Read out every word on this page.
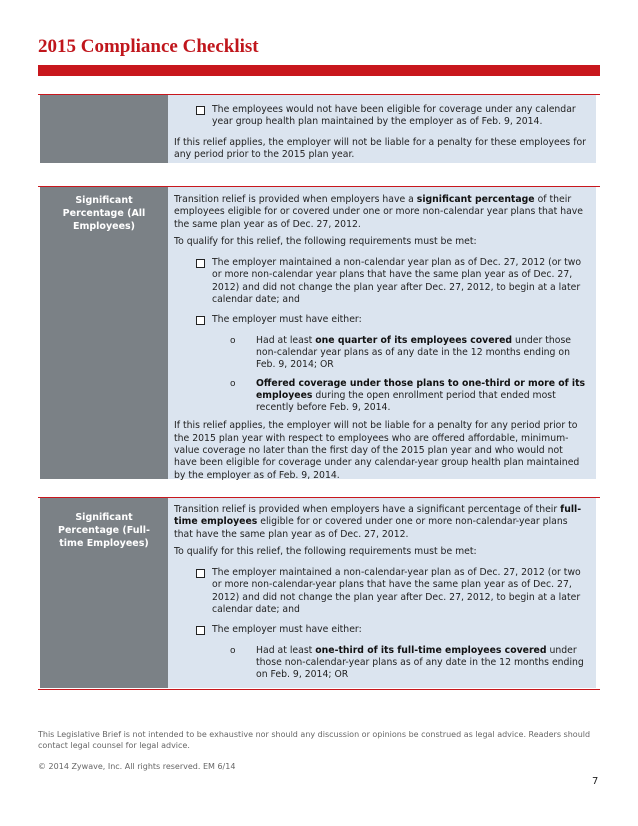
2015 Compliance Checklist
The employees would not have been eligible for coverage under any calendar year group health plan maintained by the employer as of Feb. 9, 2014.

If this relief applies, the employer will not be liable for a penalty for these employees for any period prior to the 2015 plan year.

Significant Percentage (All Employees)

Transition relief is provided when employers have a significant percentage of their employees eligible for or covered under one or more non-calendar year plans that have the same plan year as of Dec. 27, 2012.

To qualify for this relief, the following requirements must be met:

The employer maintained a non-calendar year plan as of Dec. 27, 2012 (or two or more non-calendar year plans that have the same plan year as of Dec. 27, 2012) and did not change the plan year after Dec. 27, 2012, to begin at a later calendar date; and
The employer must have either:
o Had at least one quarter of its employees covered under those non-calendar year plans as of any date in the 12 months ending on Feb. 9, 2014; OR
o Offered coverage under those plans to one-third or more of its employees during the open enrollment period that ended most recently before Feb. 9, 2014.

If this relief applies, the employer will not be liable for a penalty for any period prior to the 2015 plan year with respect to employees who are offered affordable, minimum-value coverage no later than the first day of the 2015 plan year and who would not have been eligible for coverage under any calendar-year group health plan maintained by the employer as of Feb. 9, 2014.

Significant Percentage (Full-time Employees)

Transition relief is provided when employers have a significant percentage of their full-time employees eligible for or covered under one or more non-calendar-year plans that have the same plan year as of Dec. 27, 2012.

To qualify for this relief, the following requirements must be met:

The employer maintained a non-calendar-year plan as of Dec. 27, 2012 (or two or more non-calendar-year plans that have the same plan year as of Dec. 27, 2012) and did not change the plan year after Dec. 27, 2012, to begin at a later calendar date; and
The employer must have either:
o Had at least one-third of its full-time employees covered under those non-calendar-year plans as of any date in the 12 months ending on Feb. 9, 2014; OR
This Legislative Brief is not intended to be exhaustive nor should any discussion or opinions be construed as legal advice. Readers should contact legal counsel for legal advice.
© 2014 Zywave, Inc. All rights reserved. EM 6/14
7
